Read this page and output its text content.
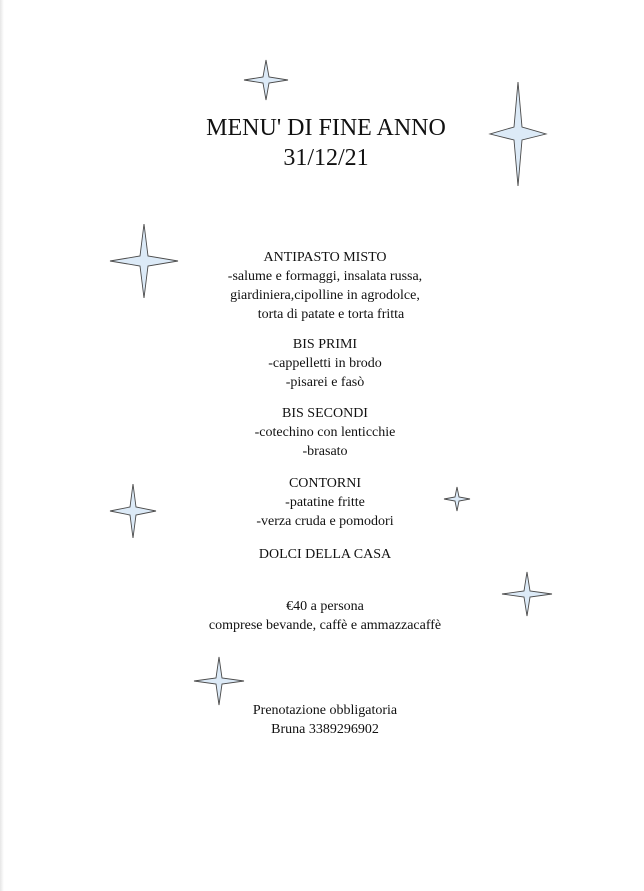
MENU' DI FINE ANNO
31/12/21
ANTIPASTO MISTO
-salume e formaggi, insalata russa,
giardiniera,cipolline in agrodolce,
torta di patate e torta fritta
BIS PRIMI
-cappelletti in brodo
-pisarei e fasò
BIS SECONDI
-cotechino con lenticchie
-brasato
CONTORNI
-patatine fritte
-verza cruda e pomodori
DOLCI DELLA CASA
€40 a persona
comprese bevande, caffè e ammazzacaffè
Prenotazione obbligatoria
Bruna 3389296902
